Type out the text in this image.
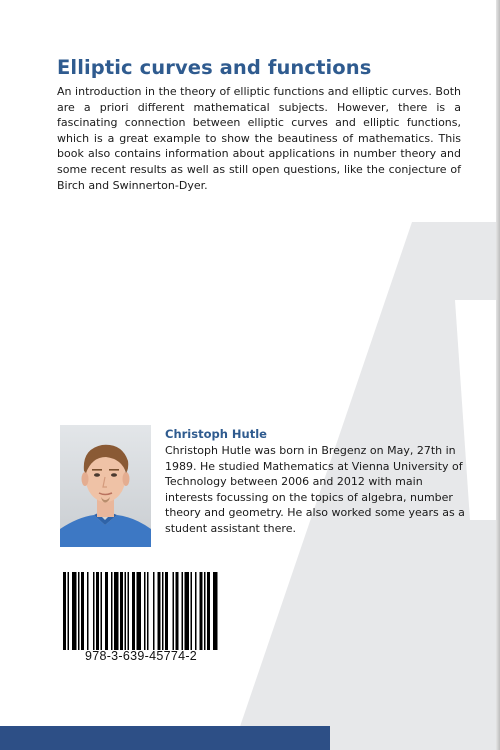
Elliptic curves and functions

An introduction in the theory of elliptic functions and elliptic curves. Both are a priori different mathematical subjects. However, there is a fascinating connection between elliptic curves and elliptic functions, which is a great example to show the beautiness of mathematics. This book also contains information about applications in number theory and some recent results as well as still open questions, like the conjecture of Birch and Swinnerton-Dyer.

Christoph Hutle

Christoph Hutle was born in Bregenz on May, 27th in 1989. He studied Mathematics at Vienna University of Technology between 2006 and 2012 with main interests focussing on the topics of algebra, number theory and geometry. He also worked some years as a student assistant there.

978-3-639-45774-2
